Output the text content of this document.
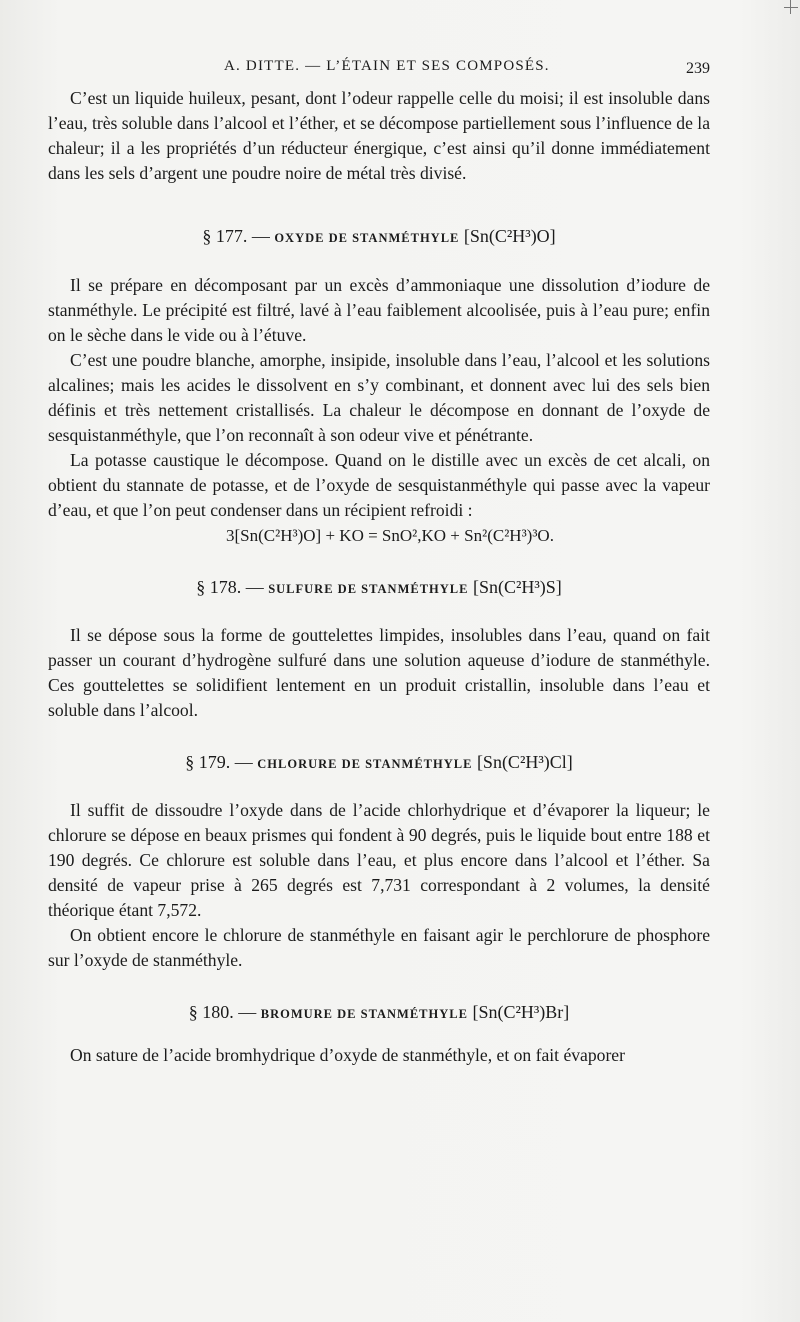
A. DITTE. — L’ÉTAIN ET SES COMPOSÉS.	239

C’est un liquide huileux, pesant, dont l’odeur rappelle celle du moisi; il est insoluble dans l’eau, très soluble dans l’alcool et l’éther, et se décompose partiellement sous l’influence de la chaleur; il a les propriétés d’un réducteur énergique, c’est ainsi qu’il donne immédiatement dans les sels d’argent une poudre noire de métal très divisé.

§ 177. — OXYDE DE STANMÉTHYLE [Sn(C²H³)O]

Il se prépare en décomposant par un excès d’ammoniaque une dissolution d’iodure de stanméthyle. Le précipité est filtré, lavé à l’eau faiblement alcoolisée, puis à l’eau pure; enfin on le sèche dans le vide ou à l’étuve.

C’est une poudre blanche, amorphe, insipide, insoluble dans l’eau, l’alcool et les solutions alcalines; mais les acides le dissolvent en s’y combinant, et donnent avec lui des sels bien définis et très nettement cristallisés. La chaleur le décompose en donnant de l’oxyde de sesquistanméthyle, que l’on reconnaît à son odeur vive et pénétrante.

La potasse caustique le décompose. Quand on le distille avec un excès de cet alcali, on obtient du stannate de potasse, et de l’oxyde de sesquistanméthyle qui passe avec la vapeur d’eau, et que l’on peut condenser dans un récipient refroidi :

3[Sn(C²H³)O] + KO = SnO²,KO + Sn²(C²H³)³O.

§ 178. — SULFURE DE STANMÉTHYLE [Sn(C²H³)S]

Il se dépose sous la forme de gouttelettes limpides, insolubles dans l’eau, quand on fait passer un courant d’hydrogène sulfuré dans une solution aqueuse d’iodure de stanméthyle. Ces gouttelettes se solidifient lentement en un produit cristallin, insoluble dans l’eau et soluble dans l’alcool.

§ 179. — CHLORURE DE STANMÉTHYLE [Sn(C²H³)Cl]

Il suffit de dissoudre l’oxyde dans de l’acide chlorhydrique et d’évaporer la liqueur; le chlorure se dépose en beaux prismes qui fondent à 90 degrés, puis le liquide bout entre 188 et 190 degrés. Ce chlorure est soluble dans l’eau, et plus encore dans l’alcool et l’éther. Sa densité de vapeur prise à 265 degrés est 7,731 correspondant à 2 volumes, la densité théorique étant 7,572.

On obtient encore le chlorure de stanméthyle en faisant agir le perchlorure de phosphore sur l’oxyde de stanméthyle.

§ 180. — BROMURE DE STANMÉTHYLE [Sn(C²H³)Br]

On sature de l’acide bromhydrique d’oxyde de stanméthyle, et on fait évaporer
